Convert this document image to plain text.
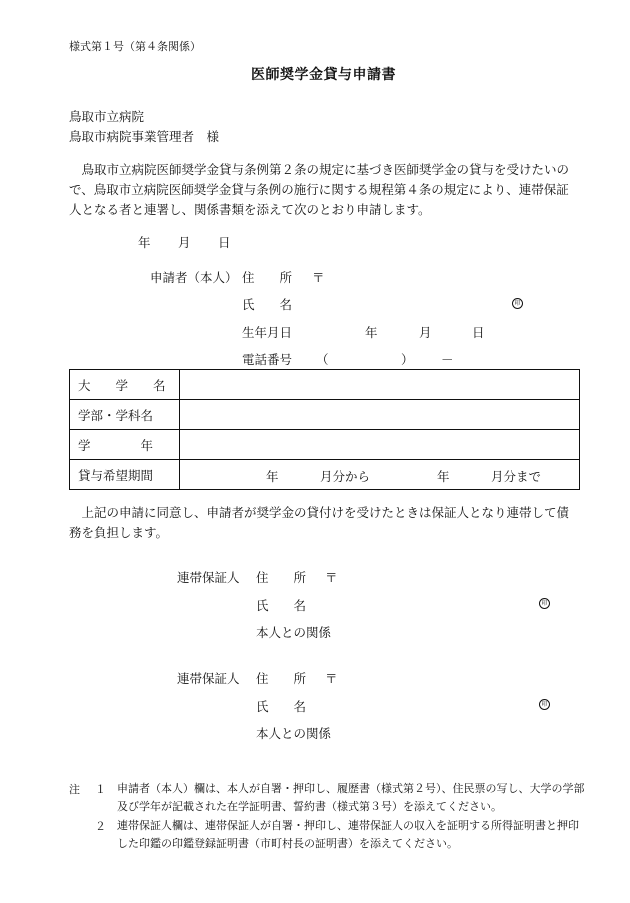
様式第１号（第４条関係）
医師奨学金貸与申請書
鳥取市立病院
鳥取市病院事業管理者　様
鳥取市立病院医師奨学金貸与条例第２条の規定に基づき医師奨学金の貸与を受けたいので、鳥取市立病院医師奨学金貸与条例の施行に関する規程第４条の規定により、連帯保証人となる者と連署し、関係書類を添えて次のとおり申請します。
年 月 日
申請者（本人） 住　　所 〒
氏　　名	印
生年月日	年	月	日
電話番号 （	） －
大　　学　　名	
学部・学科名	
学　　　　年	
貸与希望期間	年 月分から 年 月分まで
上記の申請に同意し、申請者が奨学金の貸付けを受けたときは保証人となり連帯して債務を負担します。
連帯保証人 住　　所 〒
氏　　名	印
本人との関係
連帯保証人 住　　所 〒
氏　　名	印
本人との関係
注 １ 申請者（本人）欄は、本人が自署・押印し、履歴書（様式第２号）、住民票の写し、大学の学部及び学年が記載された在学証明書、誓約書（様式第３号）を添えてください。
２ 連帯保証人欄は、連帯保証人が自署・押印し、連帯保証人の収入を証明する所得証明書と押印した印鑑の印鑑登録証明書（市町村長の証明書）を添えてください。
